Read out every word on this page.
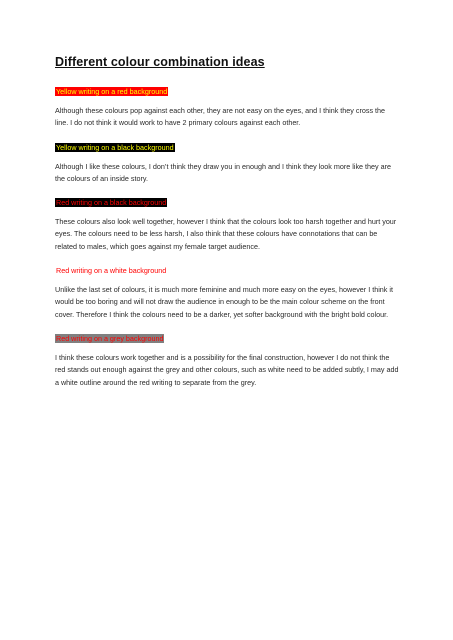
Different colour combination ideas
Yellow writing on a red background

Although these colours pop against each other, they are not easy on the eyes, and I think they cross the line. I do not think it would work to have 2 primary colours against each other.

Yellow writing on a black background

Although I like these colours, I don’t think they draw you in enough and I think they look more like they are the colours of an inside story.

Red writing on a black background

These colours also look well together, however I think that the colours look too harsh together and hurt your eyes. The colours need to be less harsh, I also think that these colours have connotations that can be related to males, which goes against my female target audience.

Red writing on a white background

Unlike the last set of colours, it is much more feminine and much more easy on the eyes, however I think it would be too boring and will not draw the audience in enough to be the main colour scheme on the front cover. Therefore I think the colours need to be a darker, yet softer background with the bright bold colour.

Red writing on a grey background

I think these colours work together and is a possibility for the final construction, however I do not think the red stands out enough against the grey and other colours, such as white need to be added subtly, I may add a white outline around the red writing to separate from the grey.
